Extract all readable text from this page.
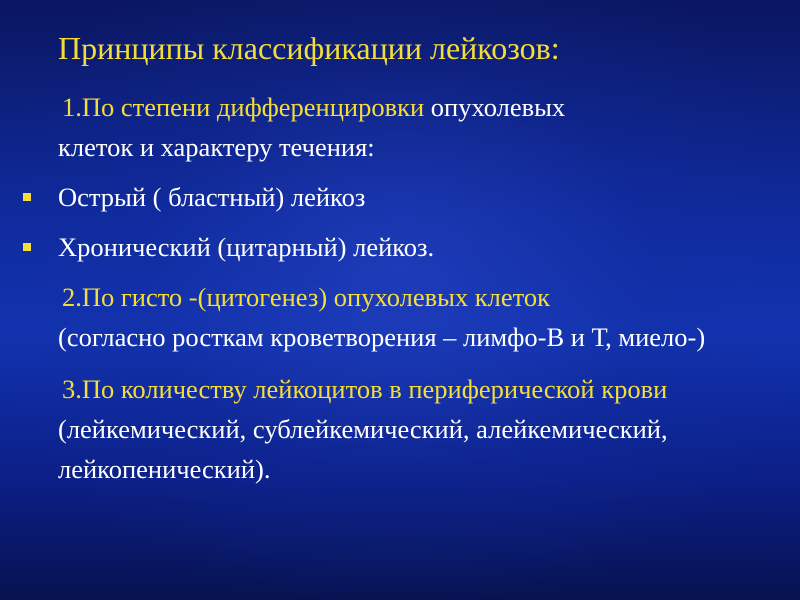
Принципы классификации лейкозов:

1.По степени дифференцировки опухолевых
клеток и характеру течения:

Острый ( бластный) лейкоз
Хронический (цитарный) лейкоз.

2.По гисто -(цитогенез) опухолевых клеток
(согласно росткам кроветворения – лимфо-В и Т, миело-)

3.По количеству лейкоцитов в периферической крови (лейкемический, сублейкемический, алейкемический, лейкопенический).
